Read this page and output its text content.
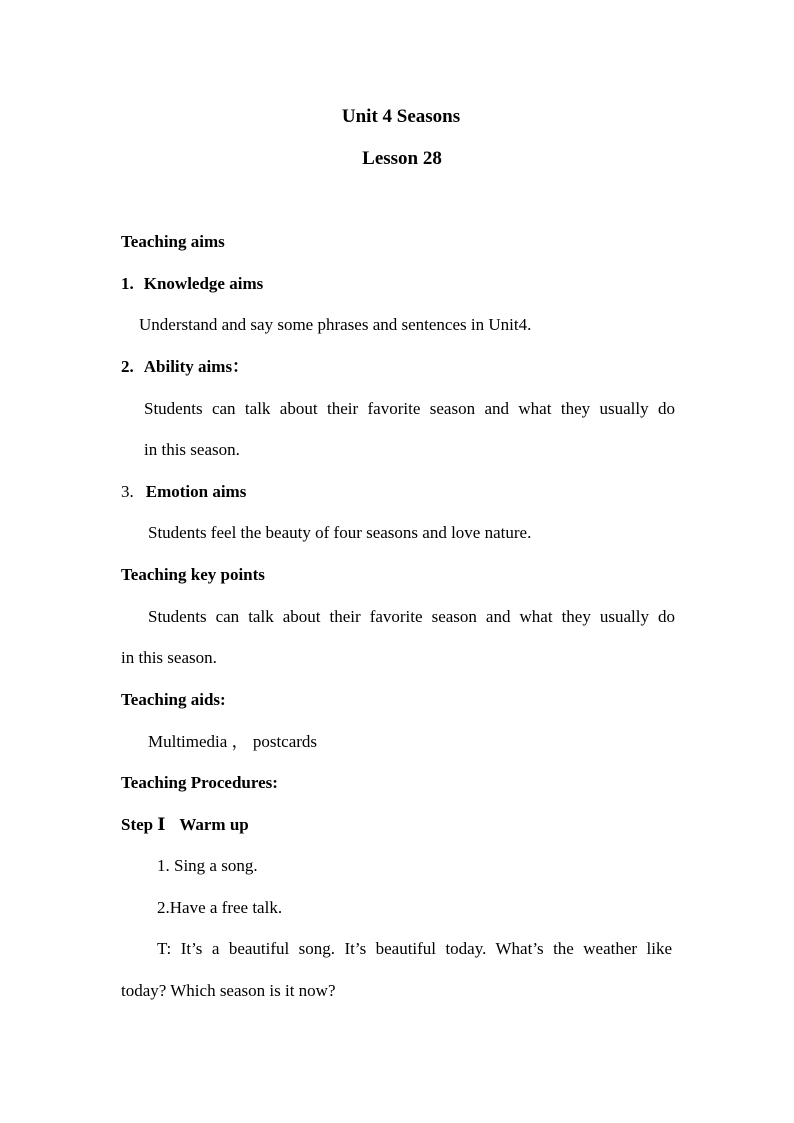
Unit 4 Seasons
Lesson 28
Teaching aims
1. Knowledge aims
Understand and say some phrases and sentences in Unit4.
2. Ability aims：
Students can talk about their favorite season and what they usually do
in this season.
3. Emotion aims
Students feel the beauty of four seasons and love nature.
Teaching key points
Students can talk about their favorite season and what they usually do
in this season.
Teaching aids:
Multimedia ， postcards
Teaching Procedures:
Step Ⅰ Warm up
1. Sing a song.
2.Have a free talk.
T: It’s a beautiful song. It’s beautiful today. What’s the weather like
today? Which season is it now?
